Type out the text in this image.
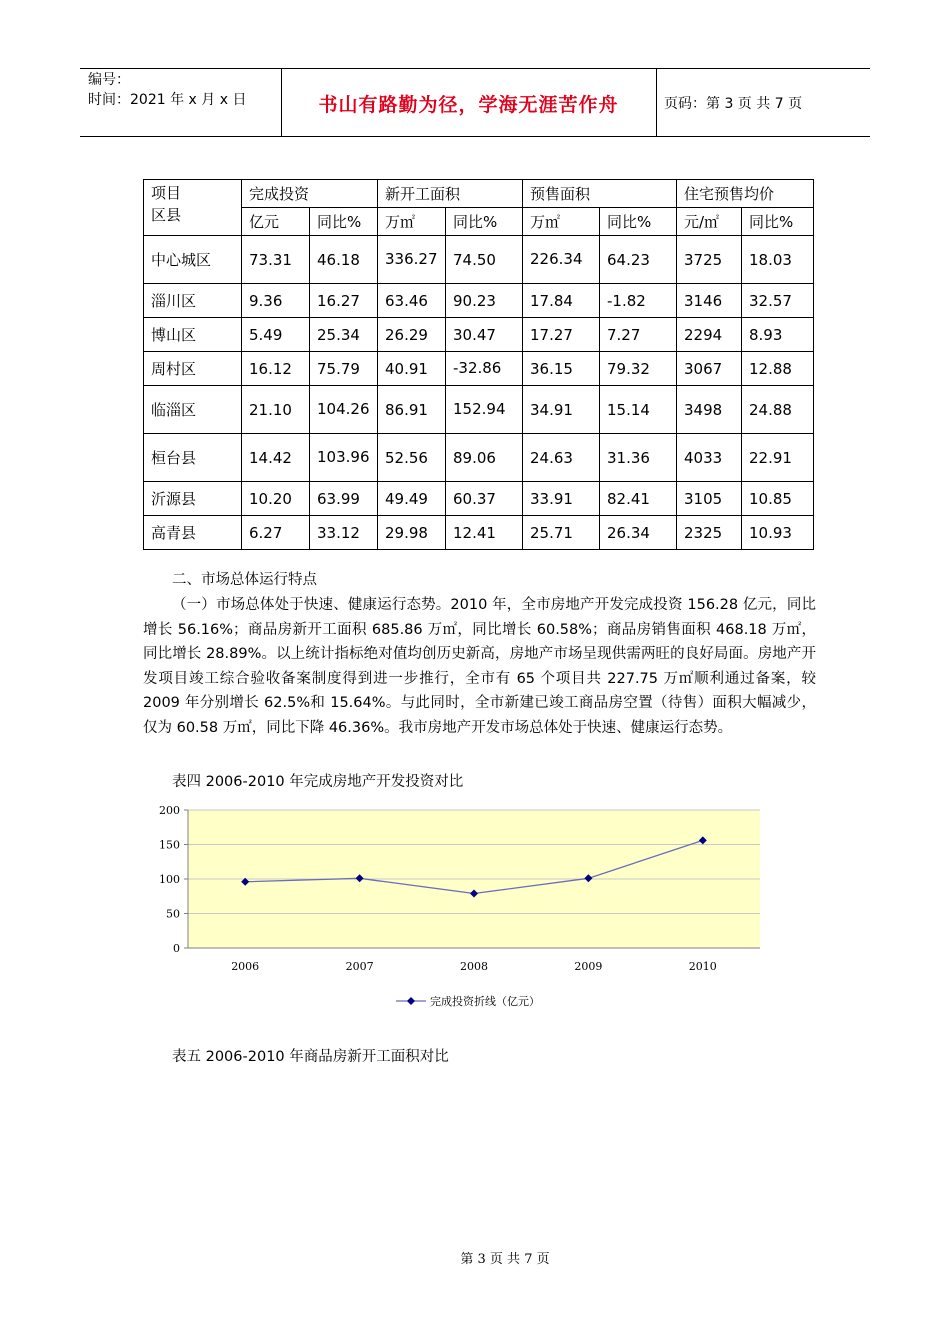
编号：
时间：2021 年 x 月 x 日	书山有路勤为径，学海无涯苦作舟	页码：第 3 页 共 7 页
项目
区县	完成投资		新开工面积		预售面积		住宅预售均价	
	亿元	同比%	万㎡	同比%	万㎡	同比%	元/㎡	同比%
中心城区	73.31	46.18	336.27	74.50	226.34	64.23	3725	18.03
淄川区	9.36	16.27	63.46	90.23	17.84	-1.82	3146	32.57
博山区	5.49	25.34	26.29	30.47	17.27	7.27	2294	8.93
周村区	16.12	75.79	40.91	-32.86	36.15	79.32	3067	12.88
临淄区	21.10	104.26	86.91	152.94	34.91	15.14	3498	24.88
桓台县	14.42	103.96	52.56	89.06	24.63	31.36	4033	22.91
沂源县	10.20	63.99	49.49	60.37	33.91	82.41	3105	10.85
高青县	6.27	33.12	29.98	12.41	25.71	26.34	2325	10.93
二、市场总体运行特点
（一）市场总体处于快速、健康运行态势。2010 年，全市房地产开发完成投资 156.28 亿元，同比增长 56.16%；商品房新开工面积 685.86 万㎡，同比增长 60.58%；商品房销售面积 468.18 万㎡，同比增长 28.89%。以上统计指标绝对值均创历史新高，房地产市场呈现供需两旺的良好局面。房地产开发项目竣工综合验收备案制度得到进一步推行，全市有 65 个项目共 227.75 万㎡顺利通过备案，较 2009 年分别增长 62.5%和 15.64%。与此同时，全市新建已竣工商品房空置（待售）面积大幅减少，仅为 60.58 万㎡，同比下降 46.36%。我市房地产开发市场总体处于快速、健康运行态势。
表四 2006-2010 年完成房地产开发投资对比
200
150
100
50
0
2006	2007	2008	2009	2010
完成投资折线（亿元）
表五 2006-2010 年商品房新开工面积对比
第 3 页 共 7 页
